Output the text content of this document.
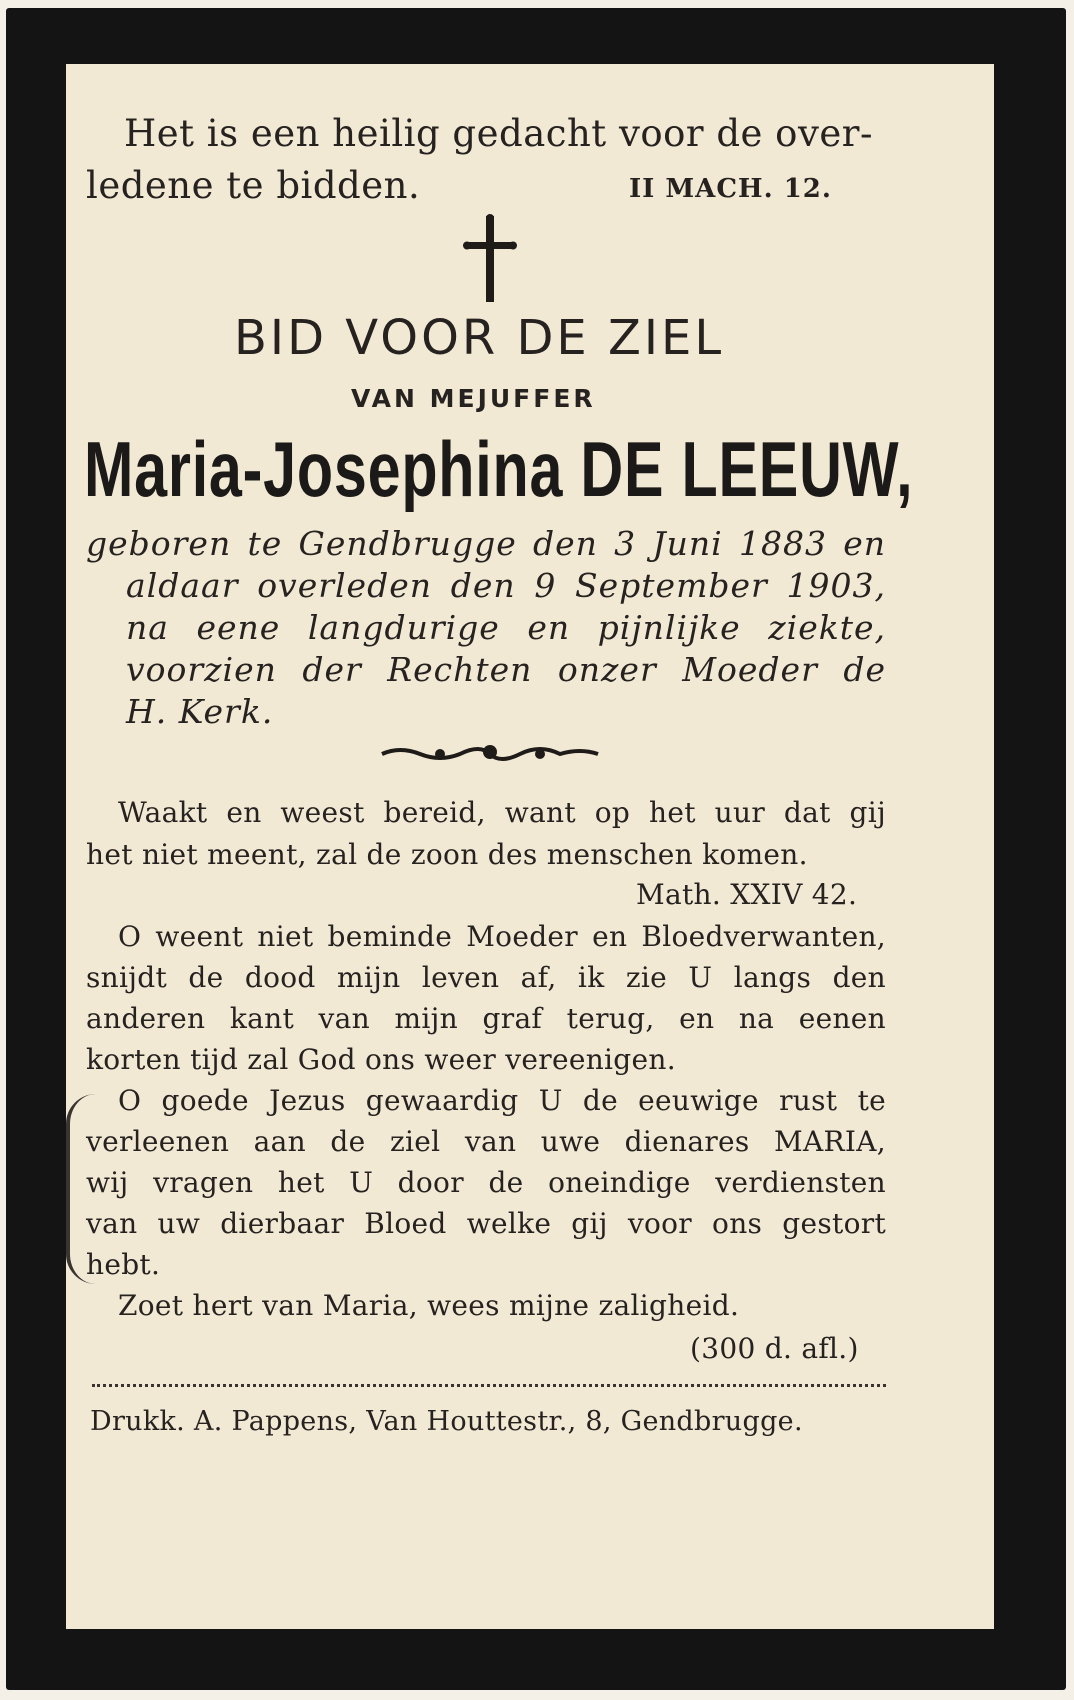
Het is een heilig gedacht voor de over-
ledene te bidden.	II MACH. 12.
BID VOOR DE ZIEL
VAN MEJUFFER
Maria-Josephina DE LEEUW,
geboren te Gendbrugge den 3 Juni 1883 en
aldaar overleden den 9 September 1903,
na eene langdurige en pijnlijke ziekte,
voorzien der Rechten onzer Moeder de
H. Kerk.
Waakt en weest bereid, want op het uur dat gij
het niet meent, zal de zoon des menschen komen.
Math. XXIV 42.
O weent niet beminde Moeder en Bloedverwanten,
snijdt de dood mijn leven af, ik zie U langs den
anderen kant van mijn graf terug, en na eenen
korten tijd zal God ons weer vereenigen.
O goede Jezus gewaardig U de eeuwige rust te
verleenen aan de ziel van uwe dienares MARIA,
wij vragen het U door de oneindige verdiensten
van uw dierbaar Bloed welke gij voor ons gestort
hebt.
Zoet hert van Maria, wees mijne zaligheid.
(300 d. afl.)
Drukk. A. Pappens, Van Houttestr., 8, Gendbrugge.
